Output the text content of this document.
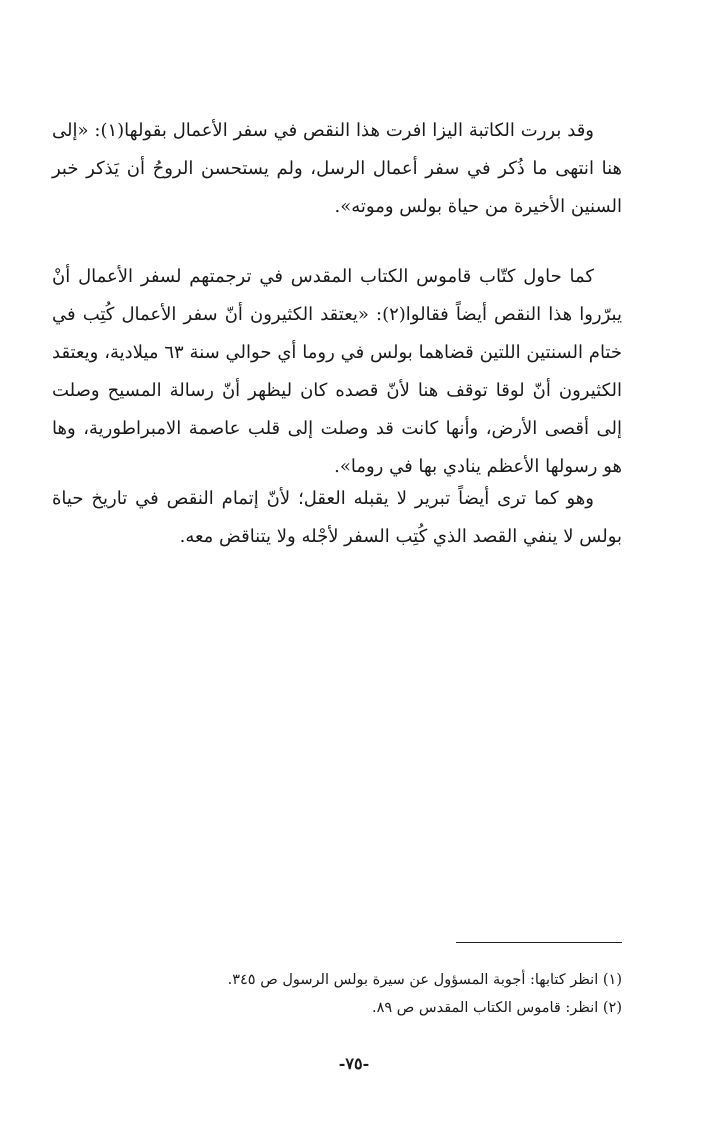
وقد بررت الكاتبة اليزا افرت هذا النقص في سفر الأعمال بقولها(١): «إلى هنا انتهى ما ذُكر في سفر أعمال الرسل، ولم يستحسن الروحُ أن يَذكر خبر السنين الأخيرة من حياة بولس وموته».

كما حاول كتّاب قاموس الكتاب المقدس في ترجمتهم لسفر الأعمال أنْ يبرّروا هذا النقص أيضاً فقالوا(٢): «يعتقد الكثيرون أنّ سفر الأعمال كُتِب في ختام السنتين اللتين قضاهما بولس في روما أي حوالي سنة ٦٣ ميلادية، ويعتقد الكثيرون أنّ لوقا توقف هنا لأنّ قصده كان ليظهر أنّ رسالة المسيح وصلت إلى أقصى الأرض، وأنها كانت قد وصلت إلى قلب عاصمة الامبراطورية، وها هو رسولها الأعظم ينادي بها في روما».

وهو كما ترى أيضاً تبرير لا يقبله العقل؛ لأنّ إتمام النقص في تاريخ حياة بولس لا ينفي القصد الذي كُتِب السفر لأجْله ولا يتناقض معه.

(١) انظر كتابها: أجوبة المسؤول عن سيرة بولس الرسول ص ٣٤٥.
(٢) انظر: قاموس الكتاب المقدس ص ٨٩.
-٧٥-
